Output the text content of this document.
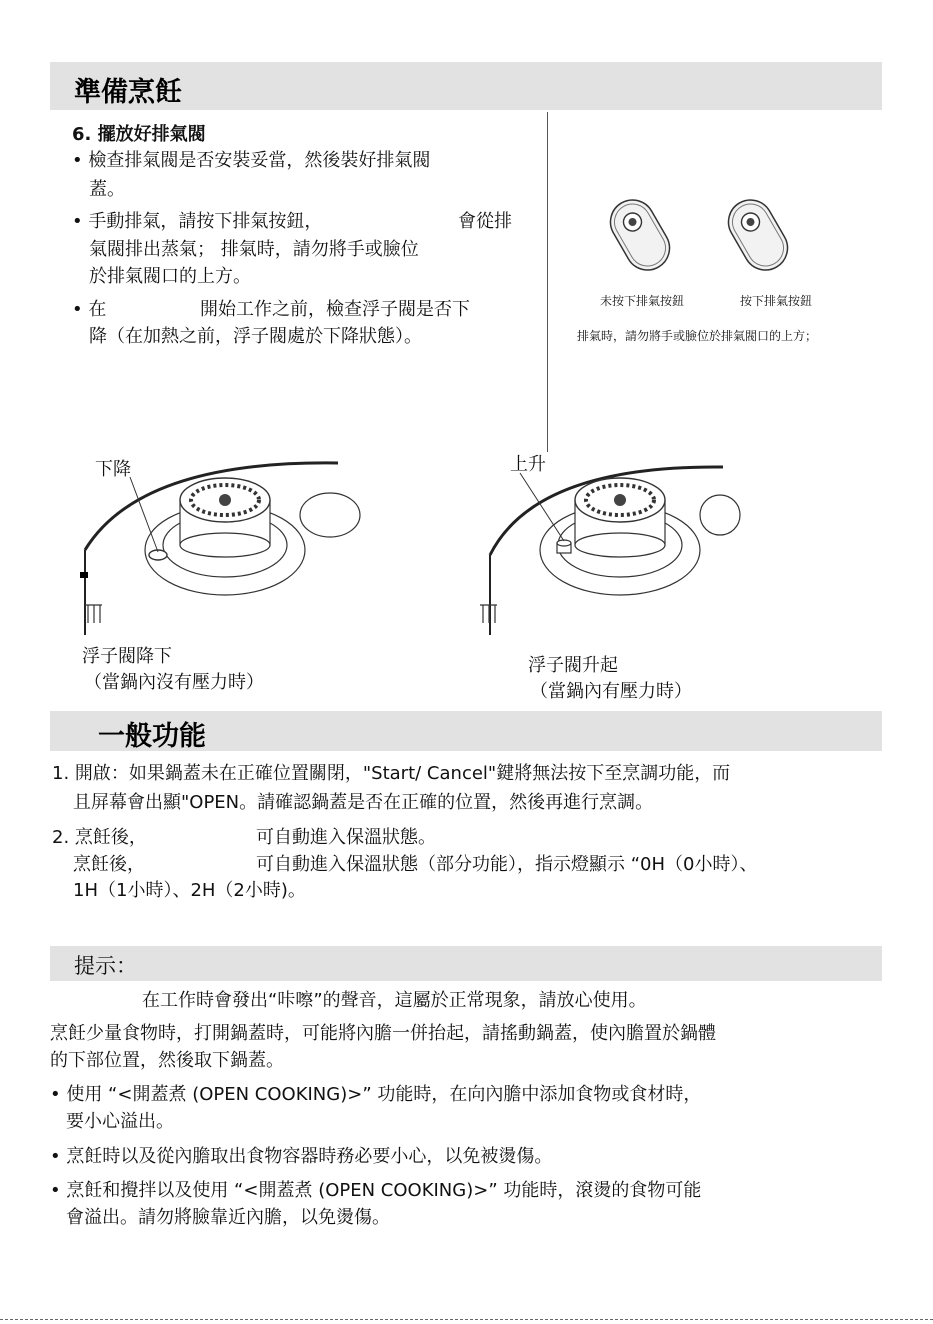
準備烹飪
6. 擺放好排氣閥
• 檢查排氣閥是否安裝妥當，然後裝好排氣閥
蓋。
• 手動排氣，請按下排氣按鈕，	會從排
氣閥排出蒸氣； 排氣時，請勿將手或臉位
於排氣閥口的上方。
• 在	開始工作之前，檢查浮子閥是否下
降（在加熱之前，浮子閥處於下降狀態）。
未按下排氣按鈕	按下排氣按鈕
排氣時，請勿將手或臉位於排氣閥口的上方；
下降
浮子閥降下
（當鍋內沒有壓力時）
上升
浮子閥升起
（當鍋內有壓力時）
一般功能
1. 開啟：如果鍋蓋未在正確位置關閉，"Start/ Cancel"鍵將無法按下至烹調功能，而
且屏幕會出顯"OPEN。請確認鍋蓋是否在正確的位置，然後再進行烹調。
2. 烹飪後，	可自動進入保溫狀態。
烹飪後，	可自動進入保溫狀態（部分功能），指示燈顯示 “0H（0小時）、
1H（1小時）、2H（2小時)。
提示：
在工作時會發出“咔嚓”的聲音，這屬於正常現象，請放心使用。
烹飪少量食物時，打開鍋蓋時，可能將內膽一併抬起，請搖動鍋蓋，使內膽置於鍋體
的下部位置，然後取下鍋蓋。
• 使用 “<開蓋煮 (OPEN COOKING)>” 功能時，在向內膽中添加食物或食材時，
要小心溢出。
• 烹飪時以及從內膽取出食物容器時務必要小心，以免被燙傷。
• 烹飪和攪拌以及使用 “<開蓋煮 (OPEN COOKING)>” 功能時，滾燙的食物可能
會溢出。請勿將臉靠近內膽，以免燙傷。
